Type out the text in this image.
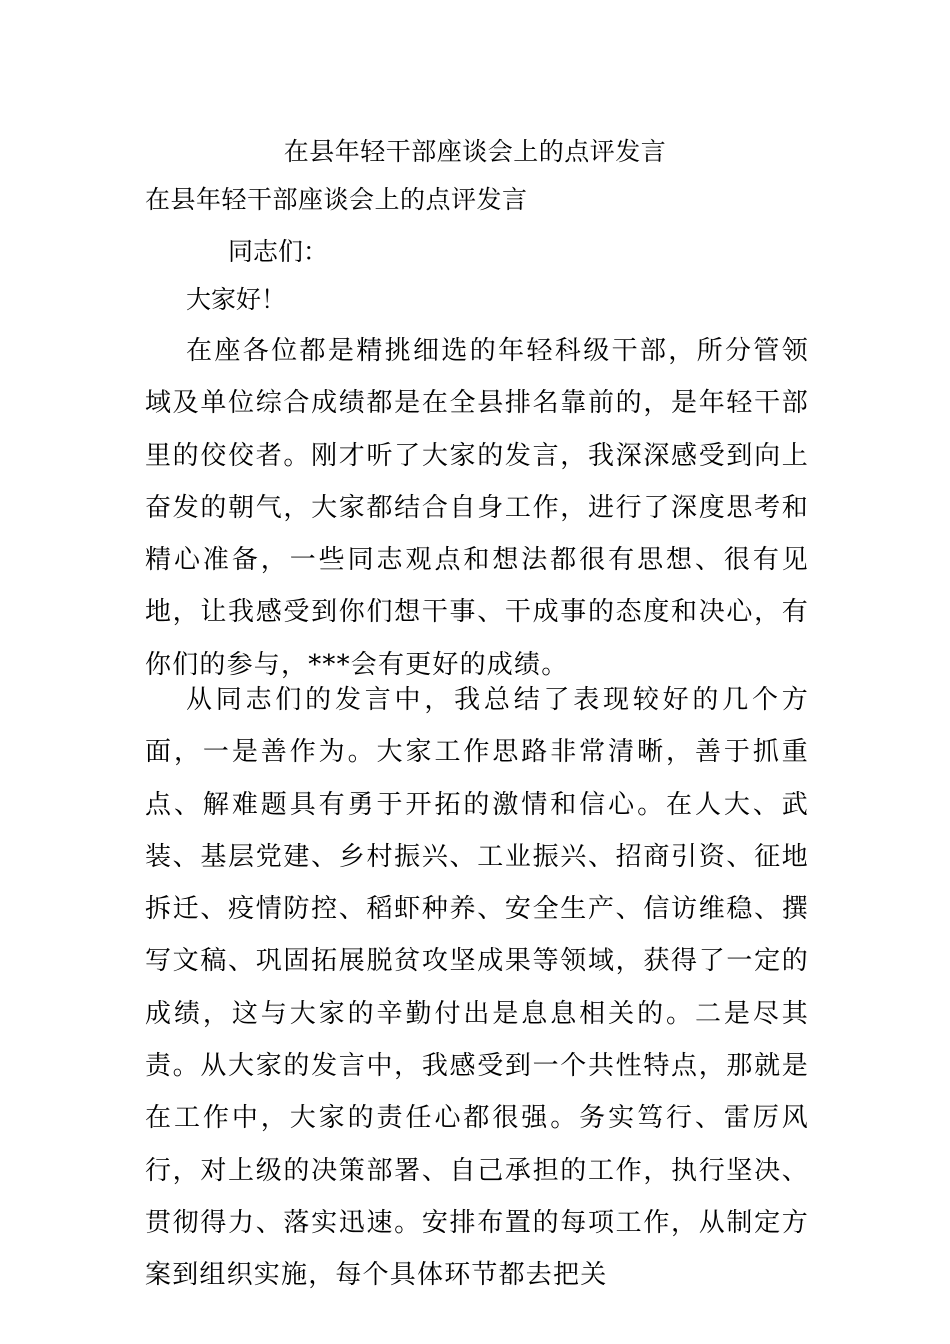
在县年轻干部座谈会上的点评发言
在县年轻干部座谈会上的点评发言

同志们：

大家好！

在座各位都是精挑细选的年轻科级干部，所分管领域及单位综合成绩都是在全县排名靠前的，是年轻干部里的佼佼者。刚才听了大家的发言，我深深感受到向上奋发的朝气，大家都结合自身工作，进行了深度思考和精心准备，一些同志观点和想法都很有思想、很有见地，让我感受到你们想干事、干成事的态度和决心，有你们的参与，***会有更好的成绩。

从同志们的发言中，我总结了表现较好的几个方面，一是善作为。大家工作思路非常清晰，善于抓重点、解难题具有勇于开拓的激情和信心。在人大、武装、基层党建、乡村振兴、工业振兴、招商引资、征地拆迁、疫情防控、稻虾种养、安全生产、信访维稳、撰写文稿、巩固拓展脱贫攻坚成果等领域，获得了一定的成绩，这与大家的辛勤付出是息息相关的。二是尽其责。从大家的发言中，我感受到一个共性特点，那就是在工作中，大家的责任心都很强。务实笃行、雷厉风行，对上级的决策部署、自己承担的工作，执行坚决、贯彻得力、落实迅速。安排布置的每项工作，从制定方案到组织实施，每个具体环节都去把关
